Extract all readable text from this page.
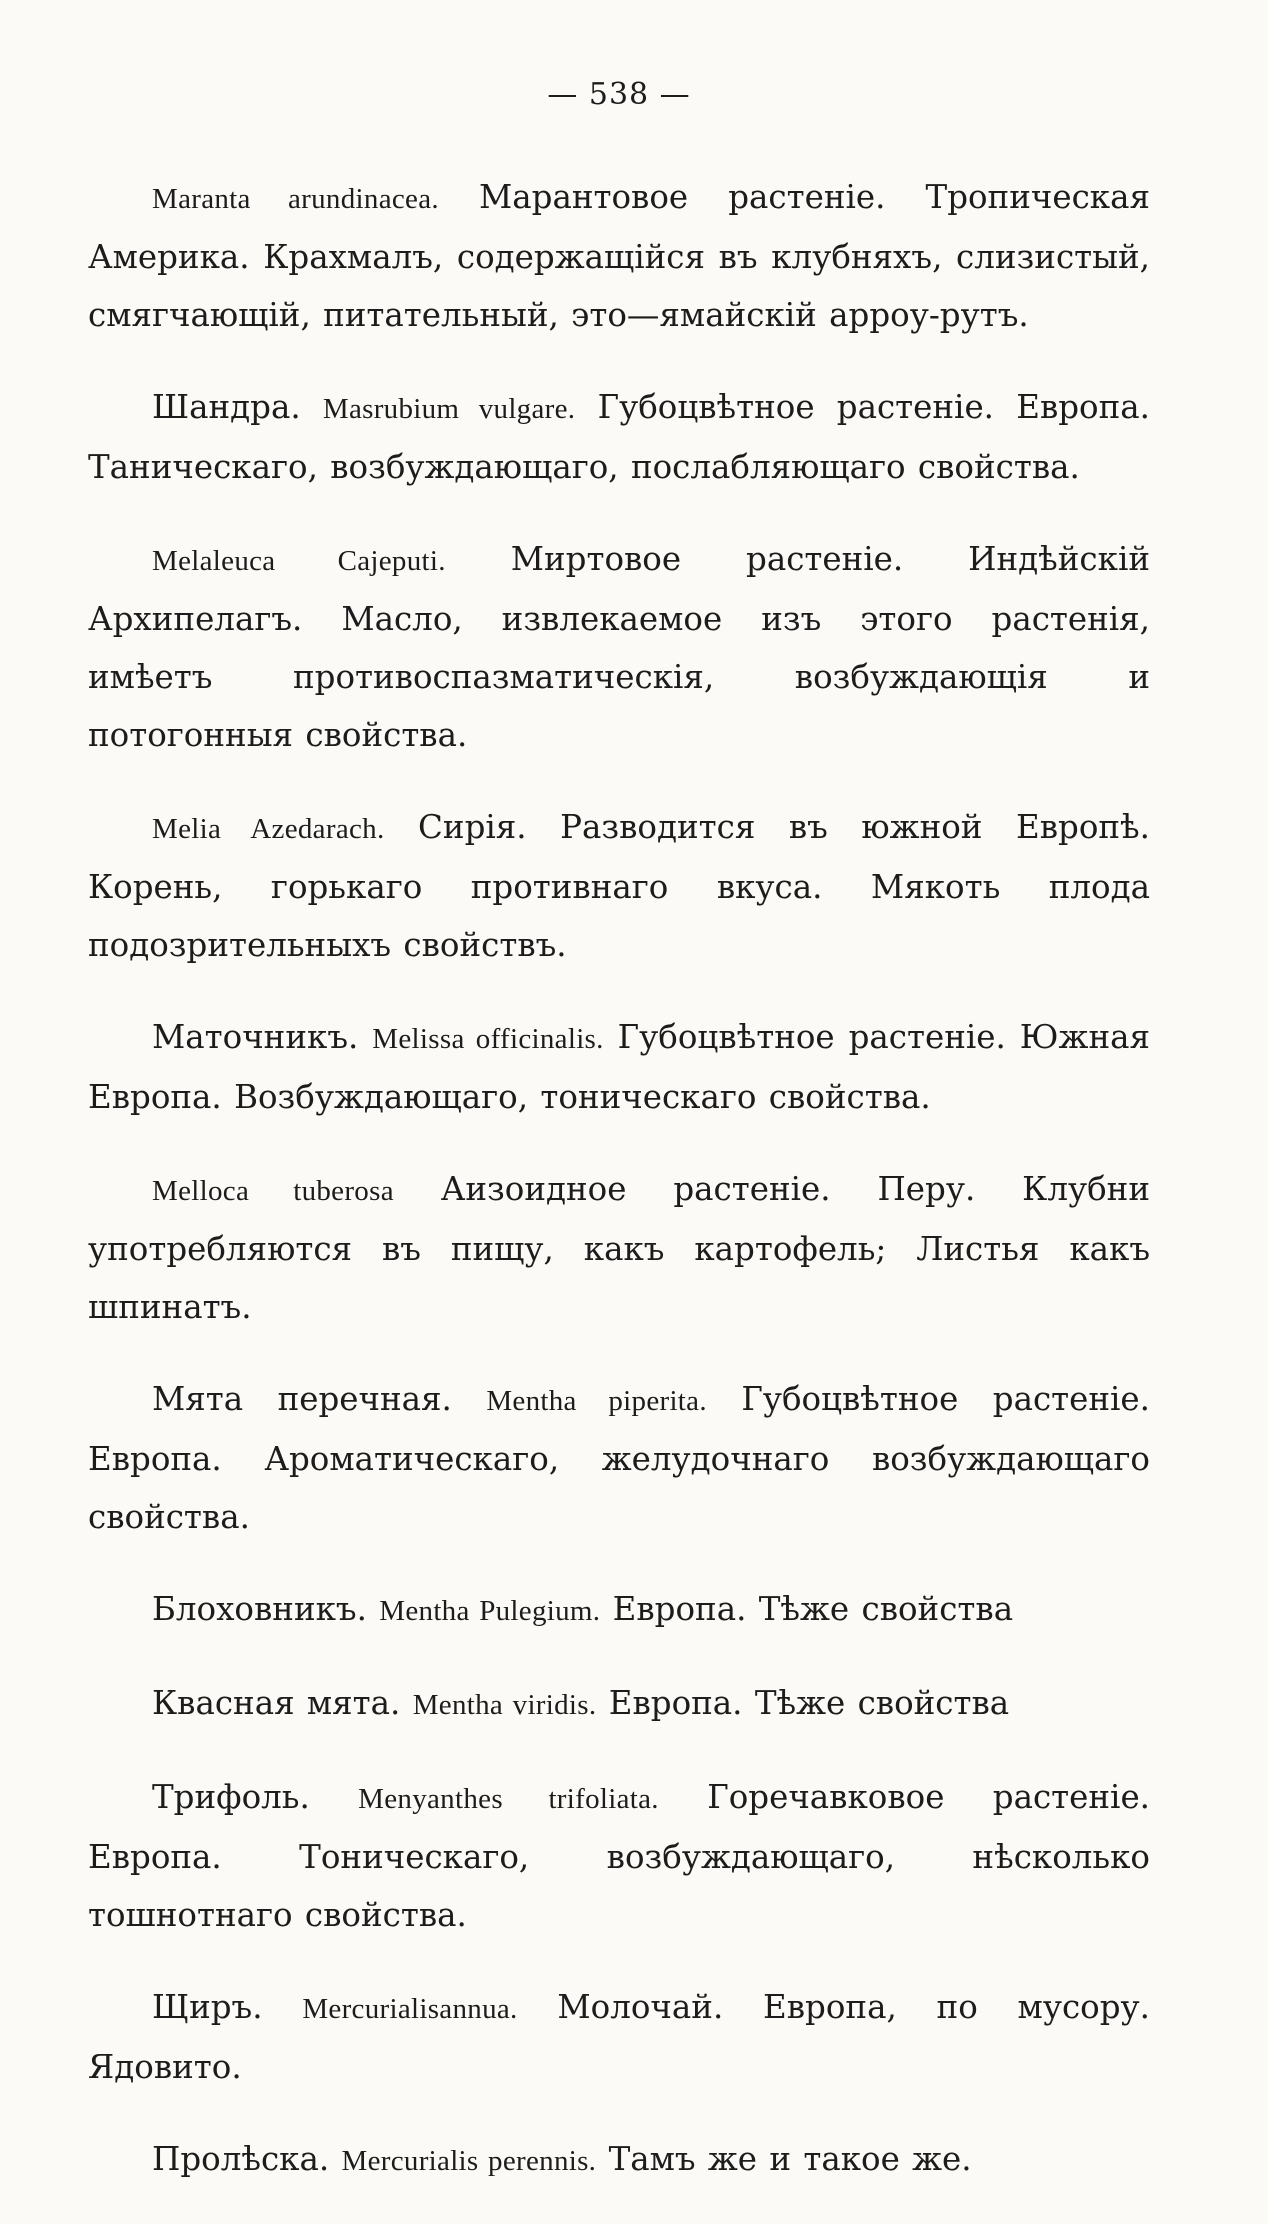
— 538 —

Maranta arundinacea. Марантовое растеніе. Тропическая Америка. Крахмалъ, содержащійся въ клубняхъ, слизистый, смягчающій, питательный, это—ямайскій арроу-рутъ.

Шандра. Masrubium vulgare. Губоцвѣтное растеніе. Европа. Таническаго, возбуждающаго, послабляющаго свойства.

Melaleuca Cajeputi. Миртовое растеніе. Индѣйскій Архипелагъ. Масло, извлекаемое изъ этого растенія, имѣетъ противоспазматическія, возбуждающія и потогонныя свойства.

Melia Azedarach. Сирія. Разводится въ южной Европѣ. Корень, горькаго противнаго вкуса. Мякоть плода подозрительныхъ свойствъ.

Маточникъ. Melissa officinalis. Губоцвѣтное растеніе. Южная Европа. Возбуждающаго, тоническаго свойства.

Melloca tuberosa Аизоидное растеніе. Перу. Клубни употребляются въ пищу, какъ картофель; Листья какъ шпинатъ.

Мята перечная. Mentha piperita. Губоцвѣтное растеніе. Европа. Ароматическаго, желудочнаго возбуждающаго свойства.

Блоховникъ. Mentha Pulegium. Европа. Тѣже свойства

Квасная мята. Mentha viridis. Европа. Тѣже свойства

Трифоль. Menyanthes trifoliata. Горечавковое растеніе. Европа. Тоническаго, возбуждающаго, нѣсколько тошнотнаго свойства.

Щиръ. Mercurialisannua. Молочай. Европа, по мусору. Ядовито.

Пролѣска. Mercurialis perennis. Тамъ же и такое же.
